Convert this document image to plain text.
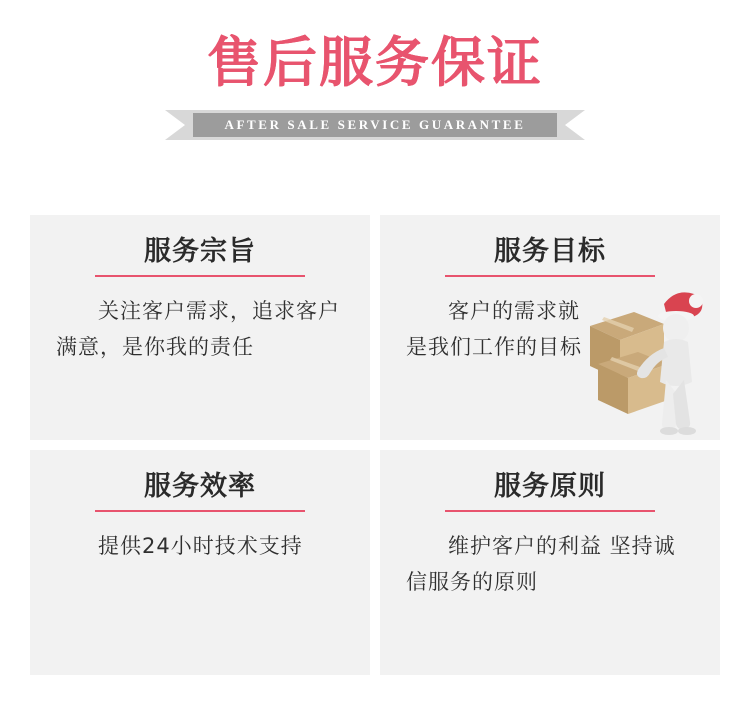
售后服务保证
AFTER SALE SERVICE GUARANTEE
服务宗旨
关注客户需求，追求客户满意，是你我的责任
服务目标
客户的需求就是我们工作的目标
服务效率
提供24小时技术支持
服务原则
维护客户的利益 坚持诚信服务的原则
